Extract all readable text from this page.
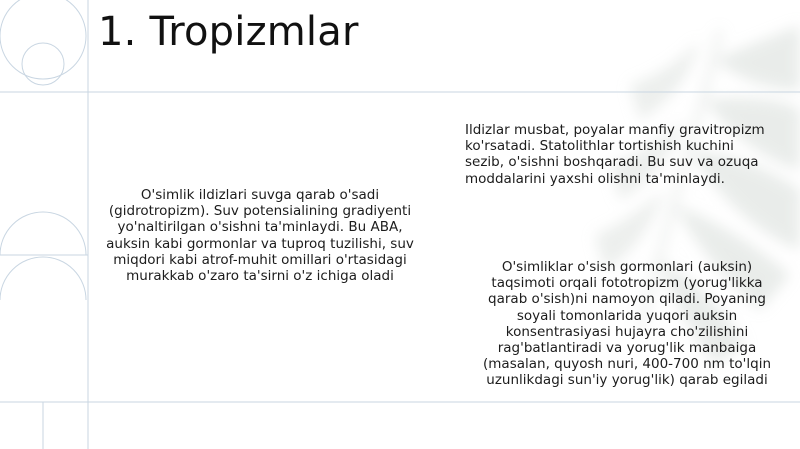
1. Tropizmlar
O'simlik ildizlari suvga qarab o'sadi
(gidrotropizm). Suv potensialining gradiyenti
yo'naltirilgan o'sishni ta'minlaydi. Bu ABA,
auksin kabi gormonlar va tuproq tuzilishi, suv
miqdori kabi atrof-muhit omillari o'rtasidagi
murakkab o'zaro ta'sirni o'z ichiga oladi
Ildizlar musbat, poyalar manfiy gravitropizm
ko'rsatadi. Statolithlar tortishish kuchini
sezib, o'sishni boshqaradi. Bu suv va ozuqa
moddalarini yaxshi olishni ta'minlaydi.
O'simliklar o'sish gormonlari (auksin)
taqsimoti orqali fototropizm (yorug'likka
qarab o'sish)ni namoyon qiladi. Poyaning
soyali tomonlarida yuqori auksin
konsentrasiyasi hujayra cho'zilishini
rag'batlantiradi va yorug'lik manbaiga
(masalan, quyosh nuri, 400-700 nm to'lqin
uzunlikdagi sun'iy yorug'lik) qarab egiladi
